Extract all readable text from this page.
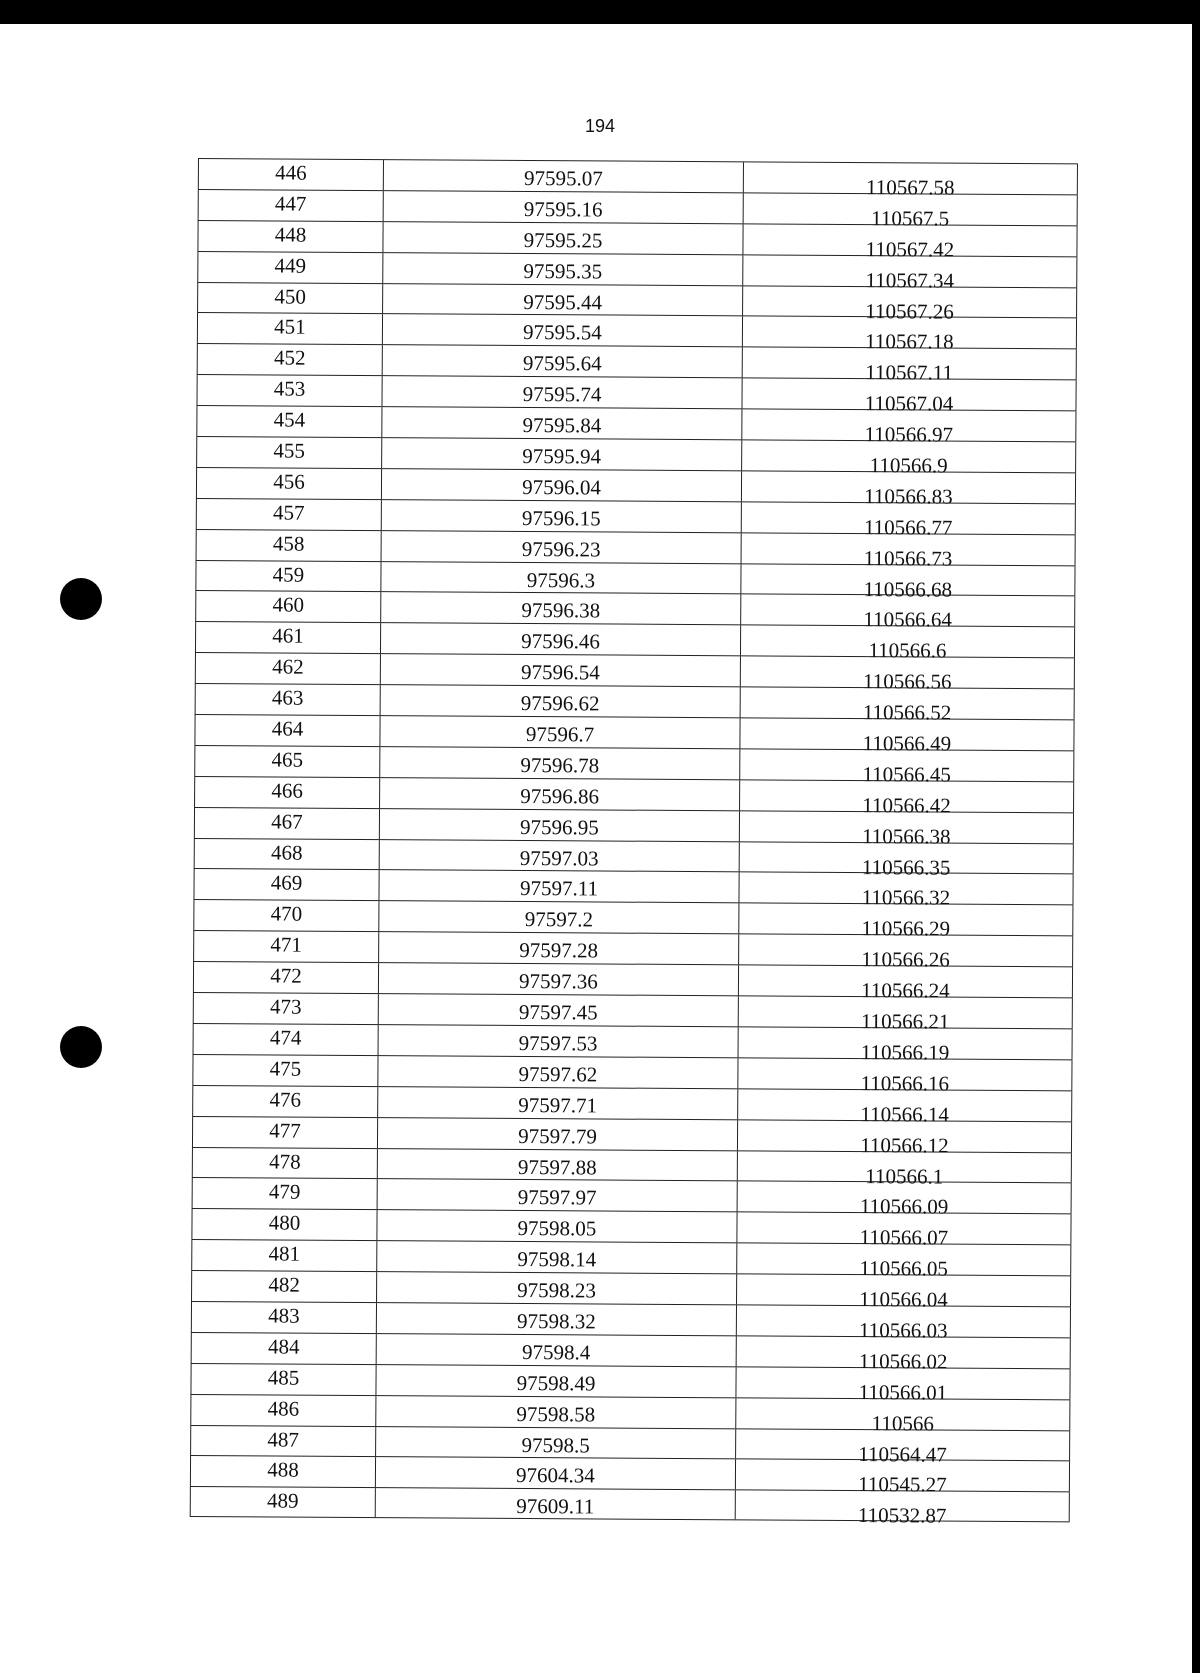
194
446	97595.07	110567.58
447	97595.16	110567.5
448	97595.25	110567.42
449	97595.35	110567.34
450	97595.44	110567.26
451	97595.54	110567.18
452	97595.64	110567.11
453	97595.74	110567.04
454	97595.84	110566.97
455	97595.94	110566.9
456	97596.04	110566.83
457	97596.15	110566.77
458	97596.23	110566.73
459	97596.3	110566.68
460	97596.38	110566.64
461	97596.46	110566.6
462	97596.54	110566.56
463	97596.62	110566.52
464	97596.7	110566.49
465	97596.78	110566.45
466	97596.86	110566.42
467	97596.95	110566.38
468	97597.03	110566.35
469	97597.11	110566.32
470	97597.2	110566.29
471	97597.28	110566.26
472	97597.36	110566.24
473	97597.45	110566.21
474	97597.53	110566.19
475	97597.62	110566.16
476	97597.71	110566.14
477	97597.79	110566.12
478	97597.88	110566.1
479	97597.97	110566.09
480	97598.05	110566.07
481	97598.14	110566.05
482	97598.23	110566.04
483	97598.32	110566.03
484	97598.4	110566.02
485	97598.49	110566.01
486	97598.58	110566
487	97598.5	110564.47
488	97604.34	110545.27
489	97609.11	110532.87
